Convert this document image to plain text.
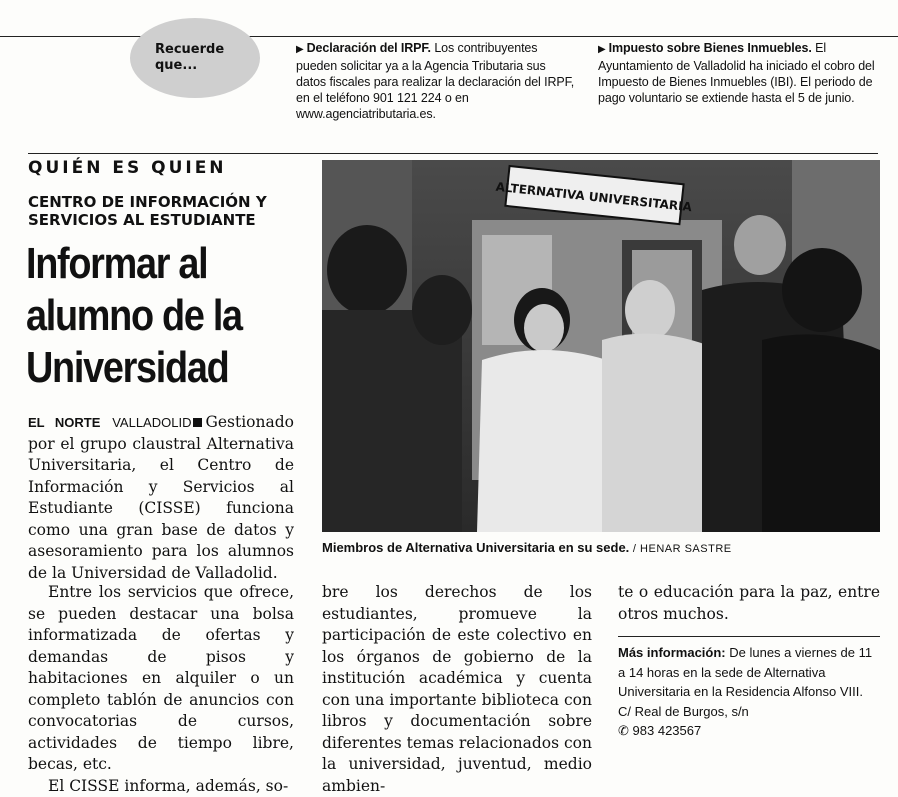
Recuerde que...
▶ Declaración del IRPF. Los contribuyentes pueden solicitar ya a la Agencia Tributaria sus datos fiscales para realizar la declaración del IRPF, en el teléfono 901 121 224 o en www.agenciatributaria.es.
▶ Impuesto sobre Bienes Inmuebles. El Ayuntamiento de Valladolid ha iniciado el cobro del Impuesto de Bienes Inmuebles (IBI). El periodo de pago voluntario se extiende hasta el 5 de junio.
QUIÉN ES QUIEN
CENTRO DE INFORMACIÓN Y SERVICIOS AL ESTUDIANTE
Informar al alumno de la Universidad
EL NORTE VALLADOLID Gestionado por el grupo claustral Alternativa Universitaria, el Centro de Información y Servicios al Estudiante (CISSE) funciona como una gran base de datos y asesoramiento para los alumnos de la Universidad de Valladolid.
Entre los servicios que ofrece, se pueden destacar una bolsa informatizada de ofertas y demandas de pisos y habitaciones en alquiler o un completo tablón de anuncios con convocatorias de cursos, actividades de tiempo libre, becas, etc.
El CISSE informa, además, so-
bre los derechos de los estudiantes, promueve la participación de este colectivo en los órganos de gobierno de la institución académica y cuenta con una importante biblioteca con libros y documentación sobre diferentes temas relacionados con la universidad, juventud, medio ambien-
te o educación para la paz, entre otros muchos.
ALTERNATIVA UNIVERSITARIA
Miembros de Alternativa Universitaria en su sede. / HENAR SASTRE
Más información: De lunes a viernes de 11 a 14 horas en la sede de Alternativa Universitaria en la Residencia Alfonso VIII.
C/ Real de Burgos, s/n
✆ 983 423567
